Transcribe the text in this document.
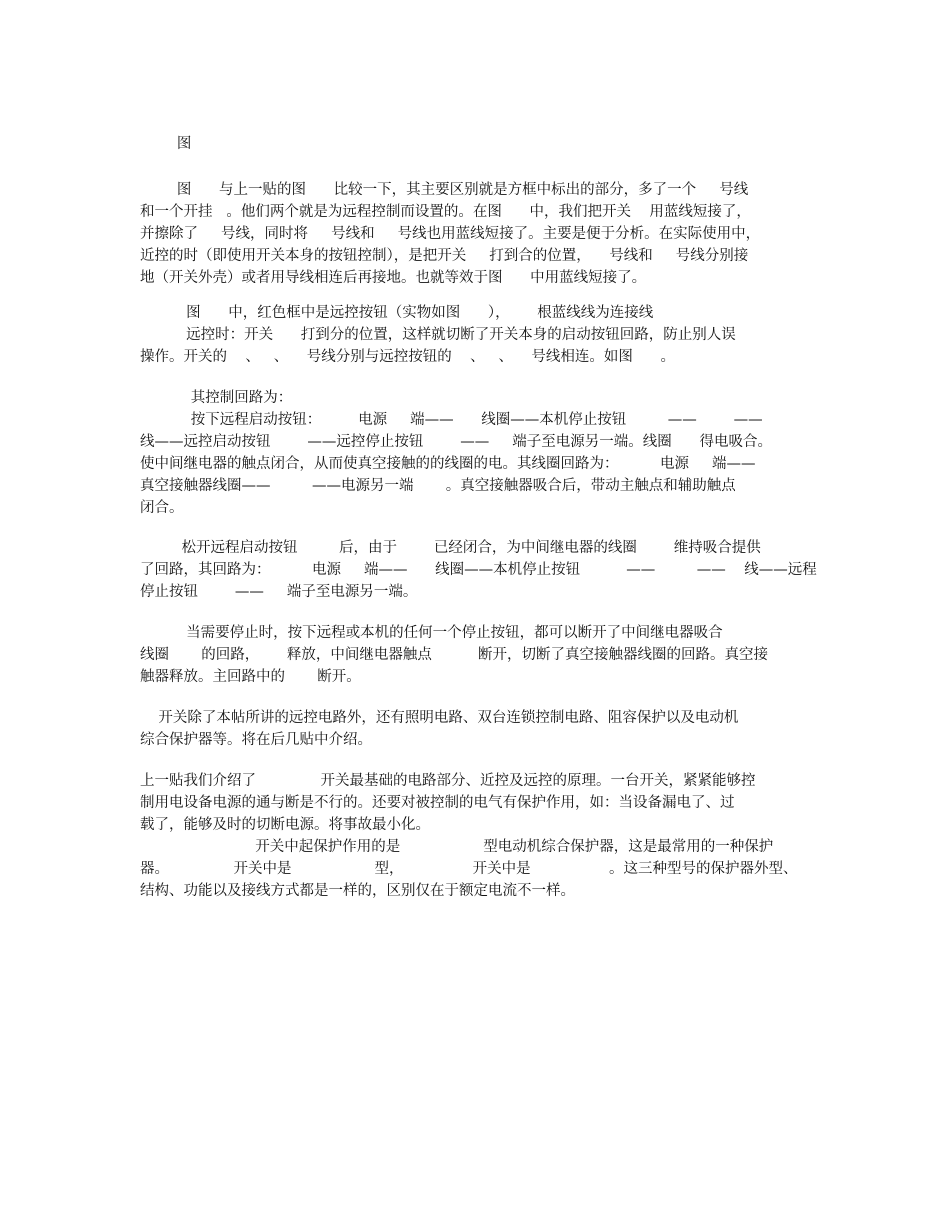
图
图      与上一贴的图      比较一下，其主要区别就是方框中标出的部分，多了一个     号线
和一个开挂   。他们两个就是为远程控制而设置的。在图      中，我们把开关    用蓝线短接了，
并擦除了     号线，同时将     号线和     号线也用蓝线短接了。主要是便于分析。在实际使用中，
近控的时（即使用开关本身的按钮控制），是把开关     打到合的位置，    号线和     号线分别接
地（开关外壳）或者用导线相连后再接地。也就等效于图      中用蓝线短接了。
图      中，红色框中是远控按钮（实物如图      ），      根蓝线线为连接线
远控时：开关      打到分的位置，这样就切断了开关本身的启动按钮回路，防止别人误
操作。开关的    、   、    号线分别与远控按钮的    、   、    号线相连。如图      。
其控制回路为：
按下远程启动按钮：        电源     端——      线圈——本机停止按钮         ——        ——
线——远控启动按钮        ——远控停止按钮        ——     端子至电源另一端。线圈      得电吸合。
使中间继电器的触点闭合，从而使真空接触的的线圈的电。其线圈回路为：         电源     端——
真空接触器线圈——         ——电源另一端       。真空接触器吸合后，带动主触点和辅助触点
闭合。
松开远程启动按钮         后，由于        已经闭合，为中间继电器的线圈        维持吸合提供
了回路，其回路为：         电源     端——      线圈——本机停止按钮          ——         ——    线——远程
停止按钮        ——     端子至电源另一端。
当需要停止时，按下远程或本机的任何一个停止按钮，都可以断开了中间继电器吸合
线圈       的回路，      释放，中间继电器触点          断开，切断了真空接触器线圈的回路。真空接
触器释放。主回路中的       断开。
开关除了本帖所讲的远控电路外，还有照明电路、双台连锁控制电路、阻容保护以及电动机
综合保护器等。将在后几贴中介绍。
上一贴我们介绍了              开关最基础的电路部分、近控及远控的原理。一台开关，紧紧能够控
制用电设备电源的通与断是不行的。还要对被控制的电气有保护作用，如：当设备漏电了、过
载了，能够及时的切断电源。将事故最小化。
开关中起保护作用的是                  型电动机综合保护器，这是最常用的一种保护
器。              开关中是                  型，               开关中是                 。这三种型号的保护器外型、
结构、功能以及接线方式都是一样的，区别仅在于额定电流不一样。
